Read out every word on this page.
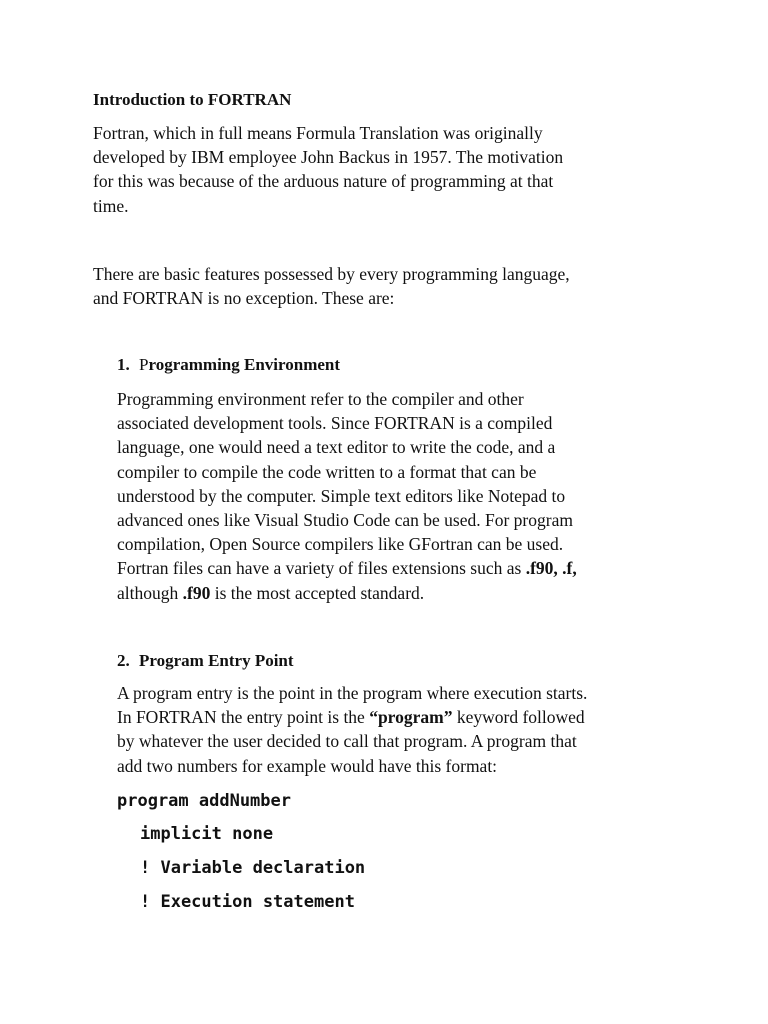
Introduction to FORTRAN
Fortran, which in full means Formula Translation was originally
developed by IBM employee John Backus in 1957. The motivation
for this was because of the arduous nature of programming at that
time.
There are basic features possessed by every programming language,
and FORTRAN is no exception. These are:
1. Programming Environment
Programming environment refer to the compiler and other
associated development tools. Since FORTRAN is a compiled
language, one would need a text editor to write the code, and a
compiler to compile the code written to a format that can be
understood by the computer. Simple text editors like Notepad to
advanced ones like Visual Studio Code can be used. For program
compilation, Open Source compilers like GFortran can be used.
Fortran files can have a variety of files extensions such as .f90, .f,
although .f90 is the most accepted standard.
2. Program Entry Point
A program entry is the point in the program where execution starts.
In FORTRAN the entry point is the “program” keyword followed
by whatever the user decided to call that program. A program that
add two numbers for example would have this format:
program addNumber
implicit none
! Variable declaration
! Execution statement
